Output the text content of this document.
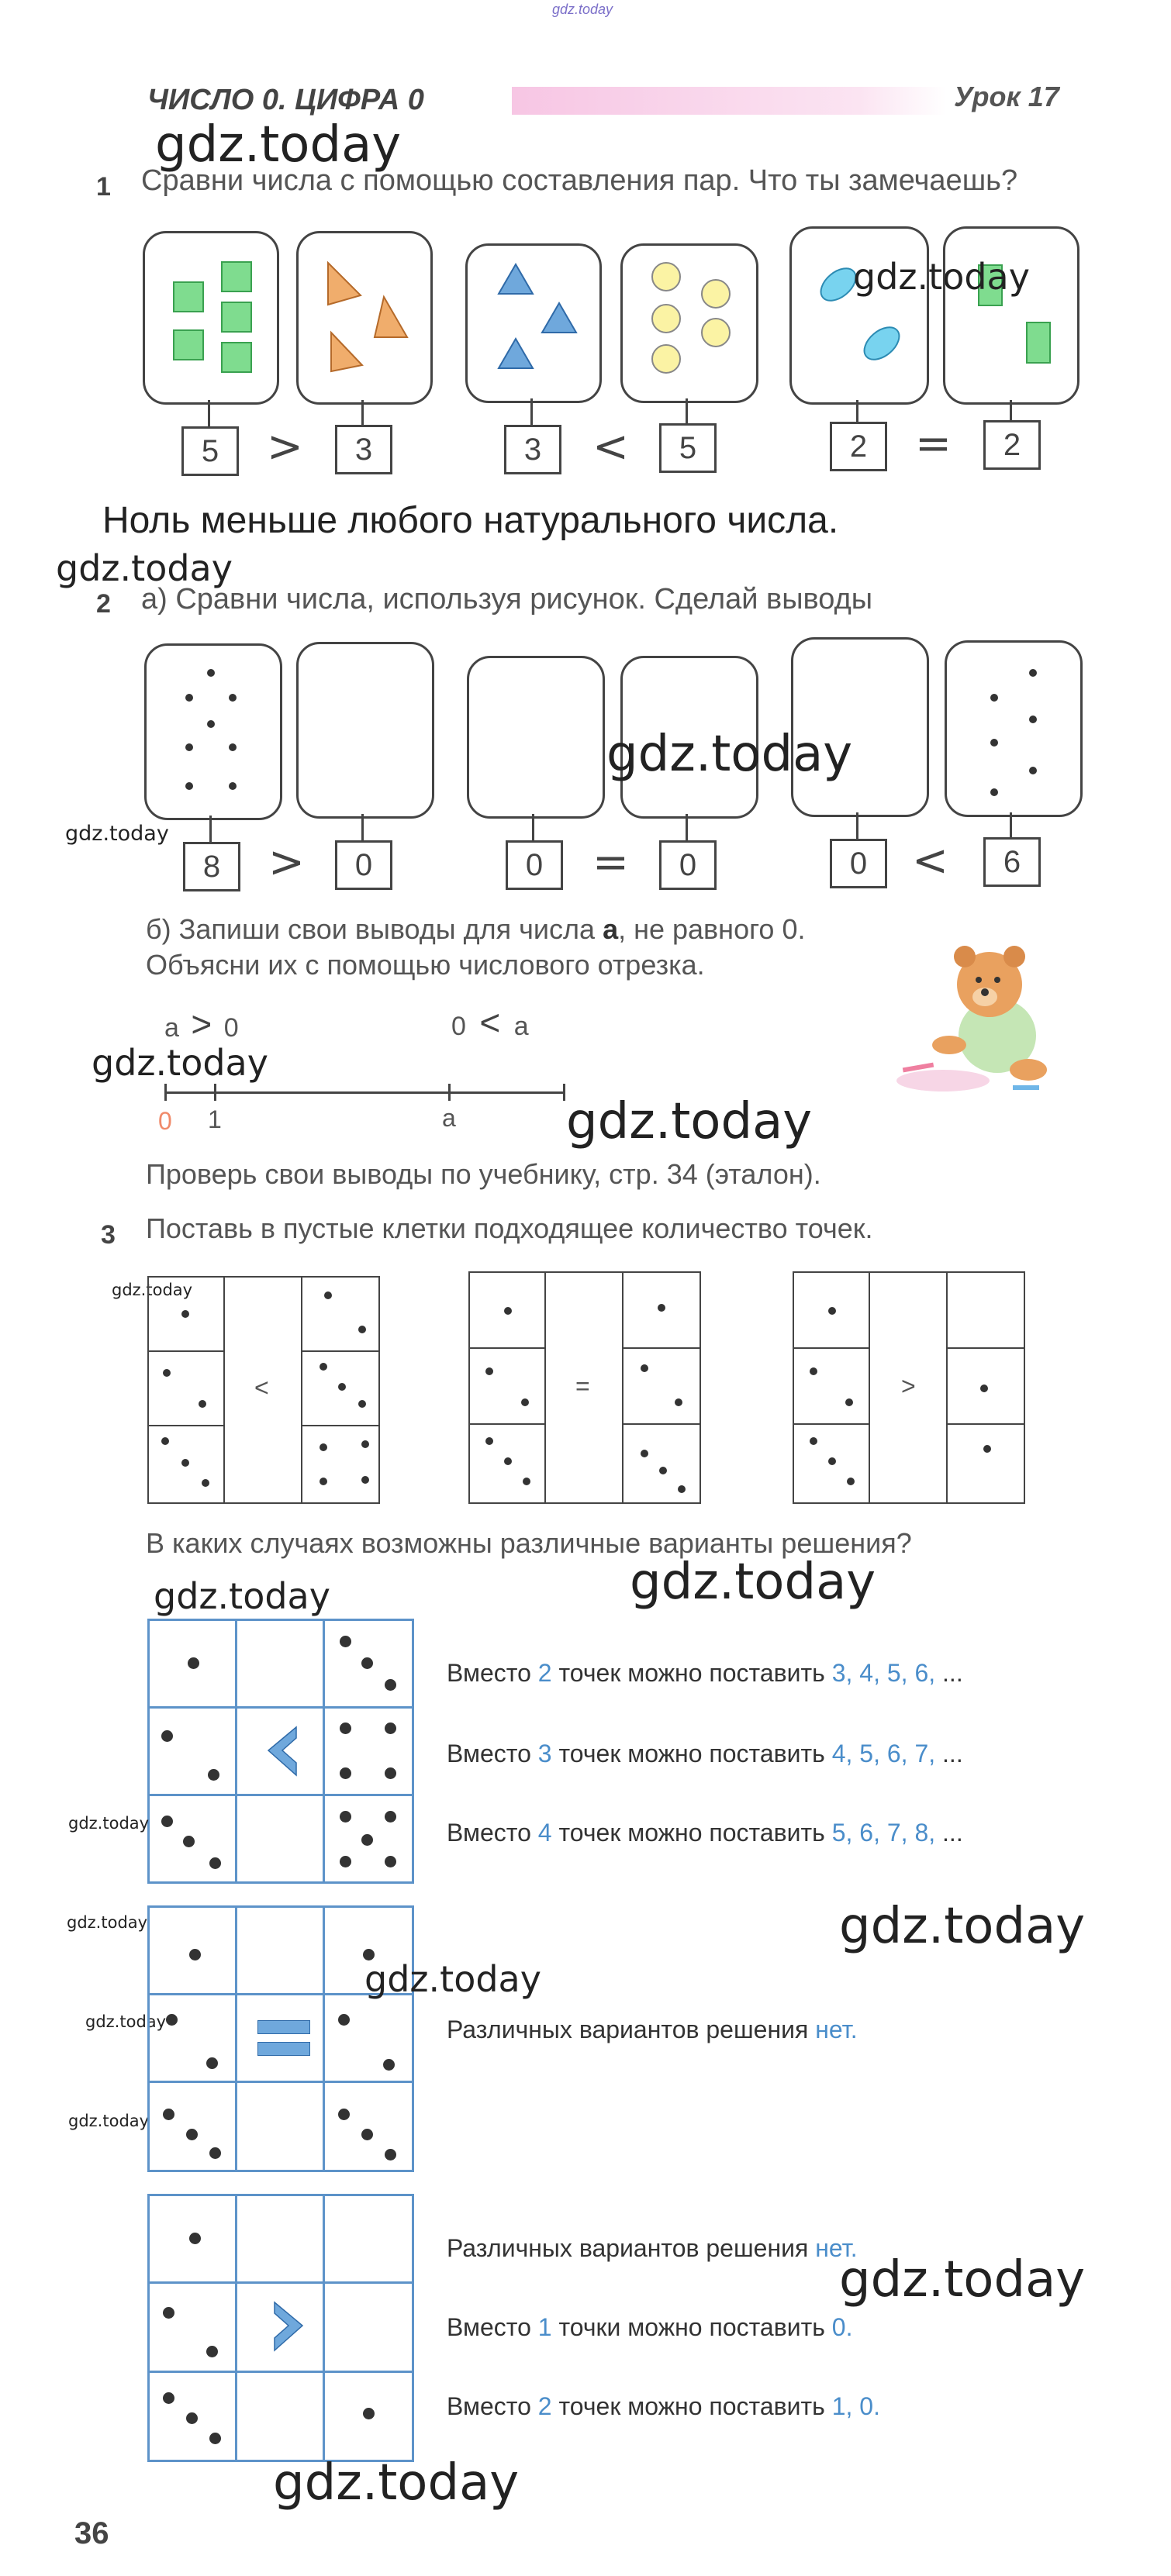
gdz.today
ЧИСЛО 0. ЦИФРА 0	Урок 17
gdz.today
1 Сравни числа с помощью составления пар. Что ты замечаешь?
gdz.today
5	>	3	3	<	5	2	=	2
Ноль меньше любого натурального числа.
gdz.today
2 а) Сравни числа, используя рисунок. Сделай выводы
gdz.today
gdz.today
8	>	0	0	=	0	0	<	6
б) Запиши свои выводы для числа a, не равного 0.
Объясни их с помощью числового отрезка.
a > 0	0 < a
gdz.today
0 1	a gdz.today
Проверь свои выводы по учебнику, стр. 34 (эталон).
3 Поставь в пустые клетки подходящее количество точек.
gdz.today
<	=	>
В каких случаях возможны различные варианты решения?
gdz.today
gdz.today
Вместо 2 точек можно поставить 3, 4, 5, 6, ...
Вместо 3 точек можно поставить 4, 5, 6, 7, ...
Вместо 4 точек можно поставить 5, 6, 7, 8, ...
gdz.today
gdz.today
gdz.today
gdz.today
gdz.today
gdz.today
Различных вариантов решения нет.
Различных вариантов решения нет.
gdz.today
Вместо 1 точки можно поставить 0.
Вместо 2 точек можно поставить 1, 0.
gdz.today
36
